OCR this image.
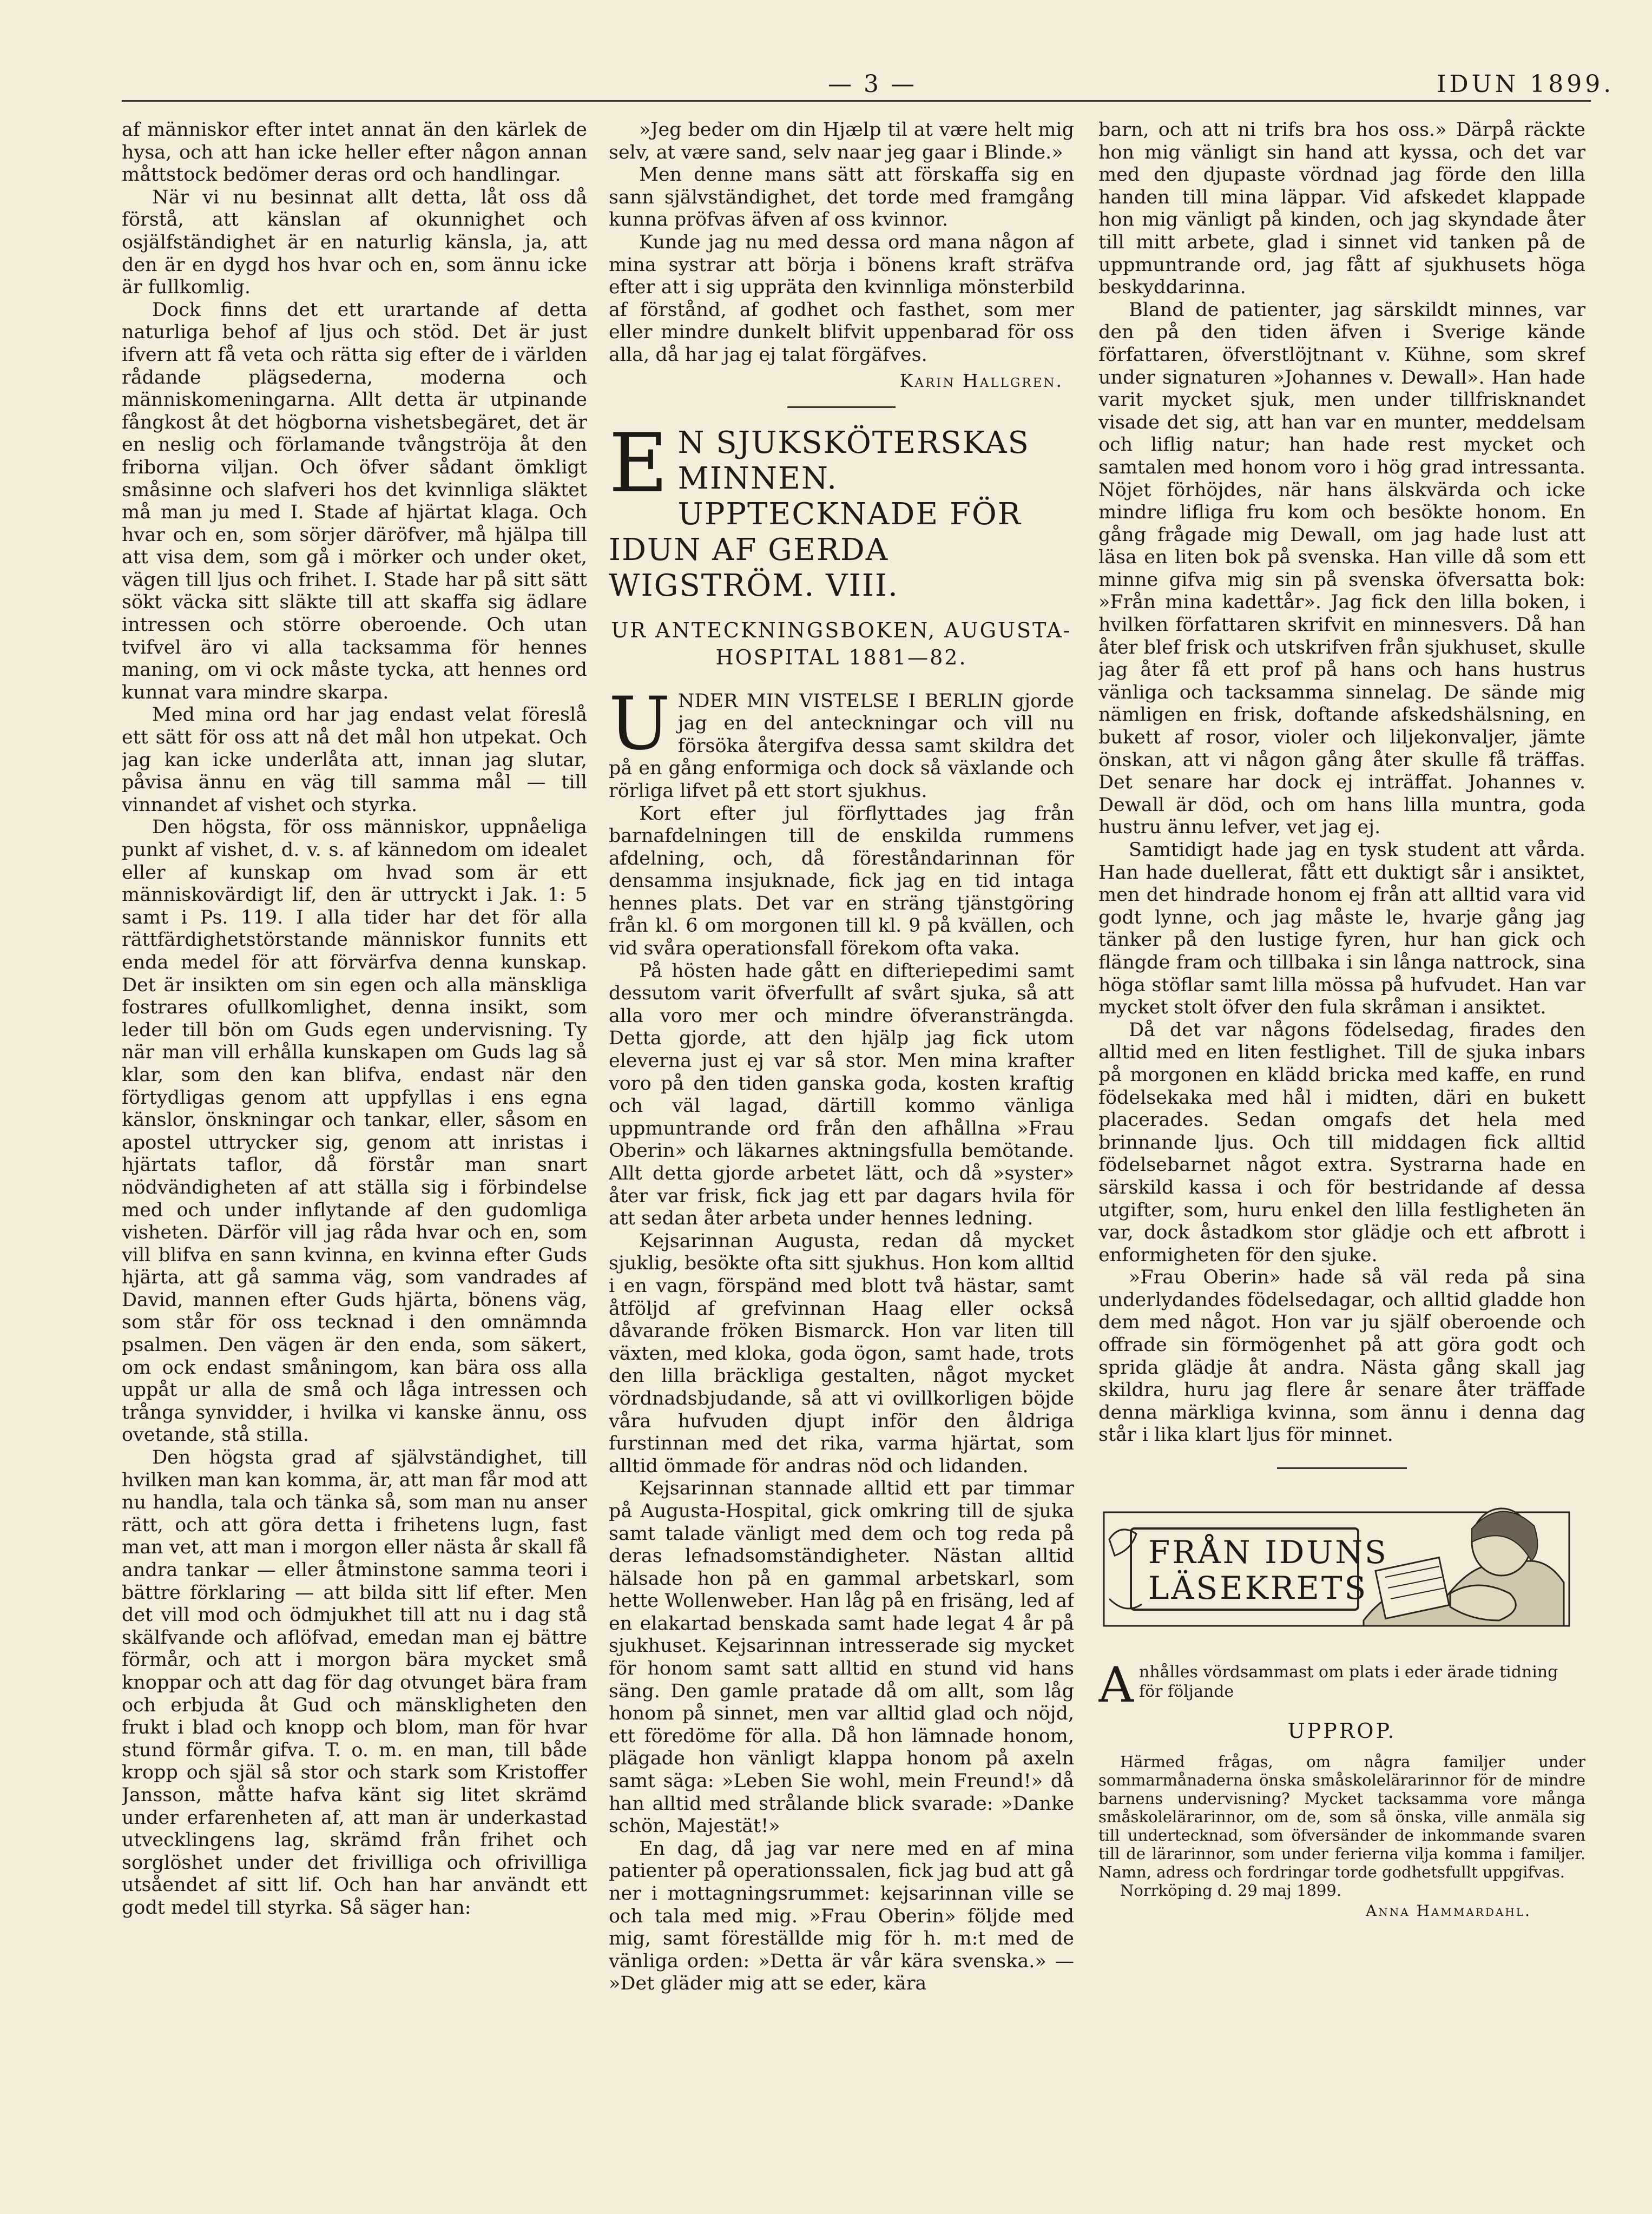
— 3 —	IDUN 1899.

af människor efter intet annat än den kärlek de hysa, och att han icke heller efter någon annan måttstock bedömer deras ord och handlingar.

När vi nu besinnat allt detta, låt oss då förstå, att känslan af okunnighet och osjälfständighet är en naturlig känsla, ja, att den är en dygd hos hvar och en, som ännu icke är fullkomlig.

Dock finns det ett urartande af detta naturliga behof af ljus och stöd. Det är just ifvern att få veta och rätta sig efter de i världen rådande plägsederna, moderna och människomeningarna. Allt detta är utpinande fångkost åt det högborna vishetsbegäret, det är en neslig och förlamande tvångströja åt den friborna viljan. Och öfver sådant ömkligt småsinne och slafveri hos det kvinnliga släktet må man ju med I. Stade af hjärtat klaga. Och hvar och en, som sörjer däröfver, må hjälpa till att visa dem, som gå i mörker och under oket, vägen till ljus och frihet. I. Stade har på sitt sätt sökt väcka sitt släkte till att skaffa sig ädlare intressen och större oberoende. Och utan tvifvel äro vi alla tacksamma för hennes maning, om vi ock måste tycka, att hennes ord kunnat vara mindre skarpa.

Med mina ord har jag endast velat föreslå ett sätt för oss att nå det mål hon utpekat. Och jag kan icke underlåta att, innan jag slutar, påvisa ännu en väg till samma mål — till vinnandet af vishet och styrka.

Den högsta, för oss människor, uppnåeliga punkt af vishet, d. v. s. af kännedom om idealet eller af kunskap om hvad som är ett människovärdigt lif, den är uttryckt i Jak. 1: 5 samt i Ps. 119. I alla tider har det för alla rättfärdighetstörstande människor funnits ett enda medel för att förvärfva denna kunskap. Det är insikten om sin egen och alla mänskliga fostrares ofullkomlighet, denna insikt, som leder till bön om Guds egen undervisning. Ty när man vill erhålla kunskapen om Guds lag så klar, som den kan blifva, endast när den förtydligas genom att uppfyllas i ens egna känslor, önskningar och tankar, eller, såsom en apostel uttrycker sig, genom att inristas i hjärtats taflor, då förstår man snart nödvändigheten af att ställa sig i förbindelse med och under inflytande af den gudomliga visheten. Därför vill jag råda hvar och en, som vill blifva en sann kvinna, en kvinna efter Guds hjärta, att gå samma väg, som vandrades af David, mannen efter Guds hjärta, bönens väg, som står för oss tecknad i den omnämnda psalmen. Den vägen är den enda, som säkert, om ock endast småningom, kan bära oss alla uppåt ur alla de små och låga intressen och trånga synvidder, i hvilka vi kanske ännu, oss ovetande, stå stilla.

Den högsta grad af självständighet, till hvilken man kan komma, är, att man får mod att nu handla, tala och tänka så, som man nu anser rätt, och att göra detta i frihetens lugn, fast man vet, att man i morgon eller nästa år skall få andra tankar — eller åtminstone samma teori i bättre förklaring — att bilda sitt lif efter. Men det vill mod och ödmjukhet till att nu i dag stå skälfvande och aflöfvad, emedan man ej bättre förmår, och att i morgon bära mycket små knoppar och att dag för dag otvunget bära fram och erbjuda åt Gud och mänskligheten den frukt i blad och knopp och blom, man för hvar stund förmår gifva. T. o. m. en man, till både kropp och själ så stor och stark som Kristoffer Jansson, måtte hafva känt sig litet skrämd under erfarenheten af, att man är underkastad utvecklingens lag, skrämd från frihet och sorglöshet under det frivilliga och ofrivilliga utsåendet af sitt lif. Och han har användt ett godt medel till styrka. Så säger han:

»Jeg beder om din Hjælp til at være helt mig selv, at være sand, selv naar jeg gaar i Blinde.»

Men denne mans sätt att förskaffa sig en sann självständighet, det torde med framgång kunna pröfvas äfven af oss kvinnor.

Kunde jag nu med dessa ord mana någon af mina systrar att börja i bönens kraft sträfva efter att i sig uppräta den kvinnliga mönsterbild af förstånd, af godhet och fasthet, som mer eller mindre dunkelt blifvit uppenbarad för oss alla, då har jag ej talat förgäfves.

Karin Hallgren.
E N SJUKSKÖTERSKAS MINNEN. UPPTECKNADE FÖR IDUN AF GERDA WIGSTRÖM. VIII.
UR ANTECKNINGSBOKEN, AUGUSTA-HOSPITAL 1881—82.
UNDER MIN VISTELSE I BERLIN gjorde jag en del anteckningar och vill nu försöka återgifva dessa samt skildra det på en gång enformiga och dock så växlande och rörliga lifvet på ett stort sjukhus.

Kort efter jul förflyttades jag från barnafdelningen till de enskilda rummens afdelning, och, då föreståndarinnan för densamma insjuknade, fick jag en tid intaga hennes plats. Det var en sträng tjänstgöring från kl. 6 om morgonen till kl. 9 på kvällen, och vid svåra operationsfall förekom ofta vaka.

På hösten hade gått en difteriepedimi samt dessutom varit öfverfullt af svårt sjuka, så att alla voro mer och mindre öfveransträngda. Detta gjorde, att den hjälp jag fick utom eleverna just ej var så stor. Men mina krafter voro på den tiden ganska goda, kosten kraftig och väl lagad, därtill kommo vänliga uppmuntrande ord från den afhållna »Frau Oberin» och läkarnes aktningsfulla bemötande. Allt detta gjorde arbetet lätt, och då »syster» åter var frisk, fick jag ett par dagars hvila för att sedan åter arbeta under hennes ledning.

Kejsarinnan Augusta, redan då mycket sjuklig, besökte ofta sitt sjukhus. Hon kom alltid i en vagn, förspänd med blott två hästar, samt åtföljd af grefvinnan Haag eller också dåvarande fröken Bismarck. Hon var liten till växten, med kloka, goda ögon, samt hade, trots den lilla bräckliga gestalten, något mycket vördnadsbjudande, så att vi ovillkorligen böjde våra hufvuden djupt inför den åldriga furstinnan med det rika, varma hjärtat, som alltid ömmade för andras nöd och lidanden.

Kejsarinnan stannade alltid ett par timmar på Augusta-Hospital, gick omkring till de sjuka samt talade vänligt med dem och tog reda på deras lefnadsomständigheter. Nästan alltid hälsade hon på en gammal arbetskarl, som hette Wollenweber. Han låg på en frisäng, led af en elakartad benskada samt hade legat 4 år på sjukhuset. Kejsarinnan intresserade sig mycket för honom samt satt alltid en stund vid hans säng. Den gamle pratade då om allt, som låg honom på sinnet, men var alltid glad och nöjd, ett föredöme för alla. Då hon lämnade honom, plägade hon vänligt klappa honom på axeln samt säga: »Leben Sie wohl, mein Freund!» då han alltid med strålande blick svarade: »Danke schön, Majestät!»

En dag, då jag var nere med en af mina patienter på operationssalen, fick jag bud att gå ner i mottagningsrummet: kejsarinnan ville se och tala med mig. »Frau Oberin» följde med mig, samt föreställde mig för h. m:t med de vänliga orden: »Detta är vår kära svenska.» — »Det gläder mig att se eder, kära

barn, och att ni trifs bra hos oss.» Därpå räckte hon mig vänligt sin hand att kyssa, och det var med den djupaste vördnad jag förde den lilla handen till mina läppar. Vid afskedet klappade hon mig vänligt på kinden, och jag skyndade åter till mitt arbete, glad i sinnet vid tanken på de uppmuntrande ord, jag fått af sjukhusets höga beskyddarinna.

Bland de patienter, jag särskildt minnes, var den på den tiden äfven i Sverige kände författaren, öfverstlöjtnant v. Kühne, som skref under signaturen »Johannes v. Dewall». Han hade varit mycket sjuk, men under tillfrisknandet visade det sig, att han var en munter, meddelsam och liflig natur; han hade rest mycket och samtalen med honom voro i hög grad intressanta. Nöjet förhöjdes, när hans älskvärda och icke mindre lifliga fru kom och besökte honom. En gång frågade mig Dewall, om jag hade lust att läsa en liten bok på svenska. Han ville då som ett minne gifva mig sin på svenska öfversatta bok: »Från mina kadettår». Jag fick den lilla boken, i hvilken författaren skrifvit en minnesvers. Då han åter blef frisk och utskrifven från sjukhuset, skulle jag åter få ett prof på hans och hans hustrus vänliga och tacksamma sinnelag. De sände mig nämligen en frisk, doftande afskedshälsning, en bukett af rosor, violer och liljekonvaljer, jämte önskan, att vi någon gång åter skulle få träffas. Det senare har dock ej inträffat. Johannes v. Dewall är död, och om hans lilla muntra, goda hustru ännu lefver, vet jag ej.

Samtidigt hade jag en tysk student att vårda. Han hade duellerat, fått ett duktigt sår i ansiktet, men det hindrade honom ej från att alltid vara vid godt lynne, och jag måste le, hvarje gång jag tänker på den lustige fyren, hur han gick och flängde fram och tillbaka i sin långa nattrock, sina höga stöflar samt lilla mössa på hufvudet. Han var mycket stolt öfver den fula skråman i ansiktet.

Då det var någons födelsedag, firades den alltid med en liten festlighet. Till de sjuka inbars på morgonen en klädd bricka med kaffe, en rund födelsekaka med hål i midten, däri en bukett placerades. Sedan omgafs det hela med brinnande ljus. Och till middagen fick alltid födelsebarnet något extra. Systrarna hade en särskild kassa i och för bestridande af dessa utgifter, som, huru enkel den lilla festligheten än var, dock åstadkom stor glädje och ett afbrott i enformigheten för den sjuke.

»Frau Oberin» hade så väl reda på sina underlydandes födelsedagar, och alltid gladde hon dem med något. Hon var ju själf oberoende och offrade sin förmögenhet på att göra godt och sprida glädje åt andra. Nästa gång skall jag skildra, huru jag flere år senare åter träffade denna märkliga kvinna, som ännu i denna dag står i lika klart ljus för minnet.

FRÅN IDUNS
LÄSEKRETS
Anhålles vördsammast om plats i eder ärade tidning för följande
UPPROP.

Härmed frågas, om några familjer under sommarmånaderna önska småskolelärarinnor för de mindre barnens undervisning? Mycket tacksamma vore många småskolelärarinnor, om de, som så önska, ville anmäla sig till undertecknad, som öfversänder de inkommande svaren till de lärarinnor, som under ferierna vilja komma i familjer. Namn, adress och fordringar torde godhetsfullt uppgifvas.

Norrköping d. 29 maj 1899.
Anna Hammardahl.
